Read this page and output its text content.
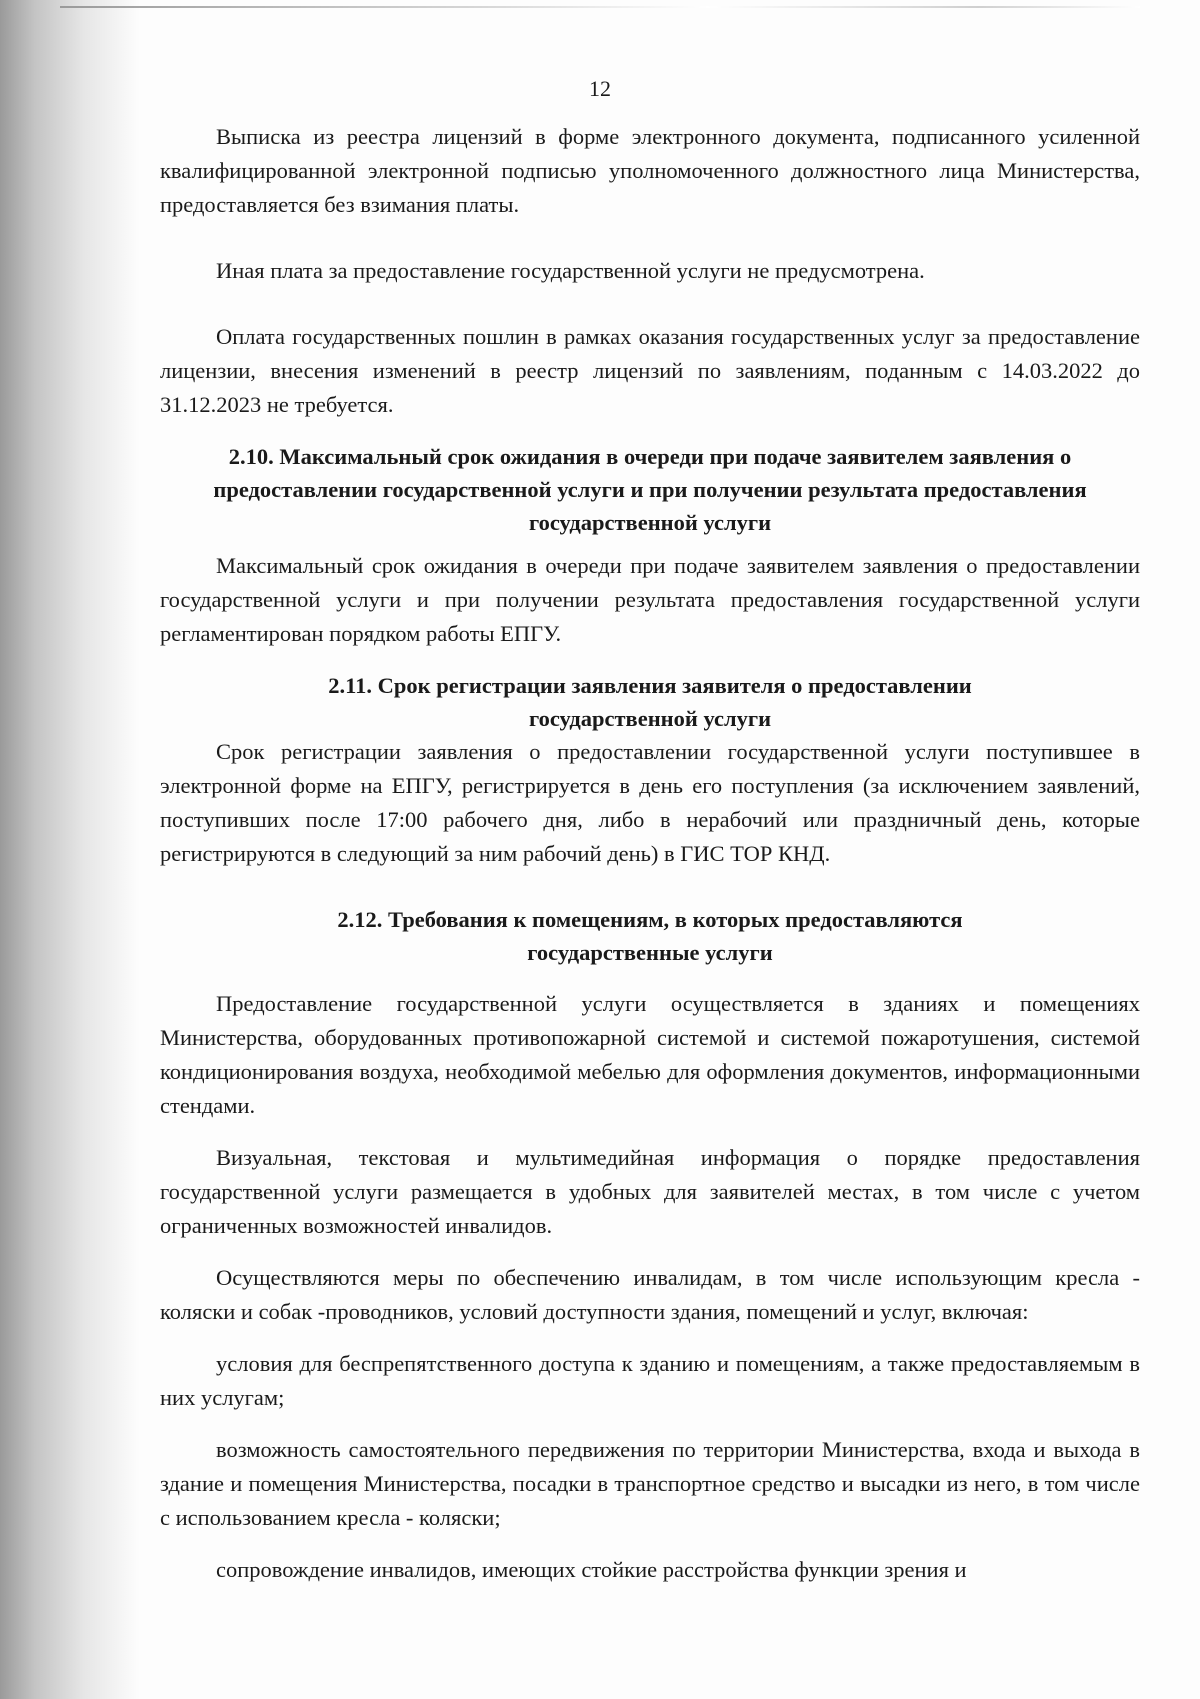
12

Выписка из реестра лицензий в форме электронного документа, подписанного усиленной квалифицированной электронной подписью уполномоченного должностного лица Министерства, предоставляется без взимания платы.

Иная плата за предоставление государственной услуги не предусмотрена.

Оплата государственных пошлин в рамках оказания государственных услуг за предоставление лицензии, внесения изменений в реестр лицензий по заявлениям, поданным с 14.03.2022 до 31.12.2023 не требуется.

2.10. Максимальный срок ожидания в очереди при подаче заявителем заявления о предоставлении государственной услуги и при получении результата предоставления государственной услуги

Максимальный срок ожидания в очереди при подаче заявителем заявления о предоставлении государственной услуги и при получении результата предоставления государственной услуги регламентирован порядком работы ЕПГУ.

2.11. Срок регистрации заявления заявителя о предоставлении государственной услуги

Срок регистрации заявления о предоставлении государственной услуги поступившее в электронной форме на ЕПГУ, регистрируется в день его поступления (за исключением заявлений, поступивших после 17:00 рабочего дня, либо в нерабочий или праздничный день, которые регистрируются в следующий за ним рабочий день) в ГИС ТОР КНД.

2.12. Требования к помещениям, в которых предоставляются государственные услуги

Предоставление государственной услуги осуществляется в зданиях и помещениях Министерства, оборудованных противопожарной системой и системой пожаротушения, системой кондиционирования воздуха, необходимой мебелью для оформления документов, информационными стендами.

Визуальная, текстовая и мультимедийная информация о порядке предоставления государственной услуги размещается в удобных для заявителей местах, в том числе с учетом ограниченных возможностей инвалидов.

Осуществляются меры по обеспечению инвалидам, в том числе использующим кресла - коляски и собак -проводников, условий доступности здания, помещений и услуг, включая:

условия для беспрепятственного доступа к зданию и помещениям, а также предоставляемым в них услугам;

возможность самостоятельного передвижения по территории Министерства, входа и выхода в здание и помещения Министерства, посадки в транспортное средство и высадки из него, в том числе с использованием кресла - коляски;

сопровождение инвалидов, имеющих стойкие расстройства функции зрения и
